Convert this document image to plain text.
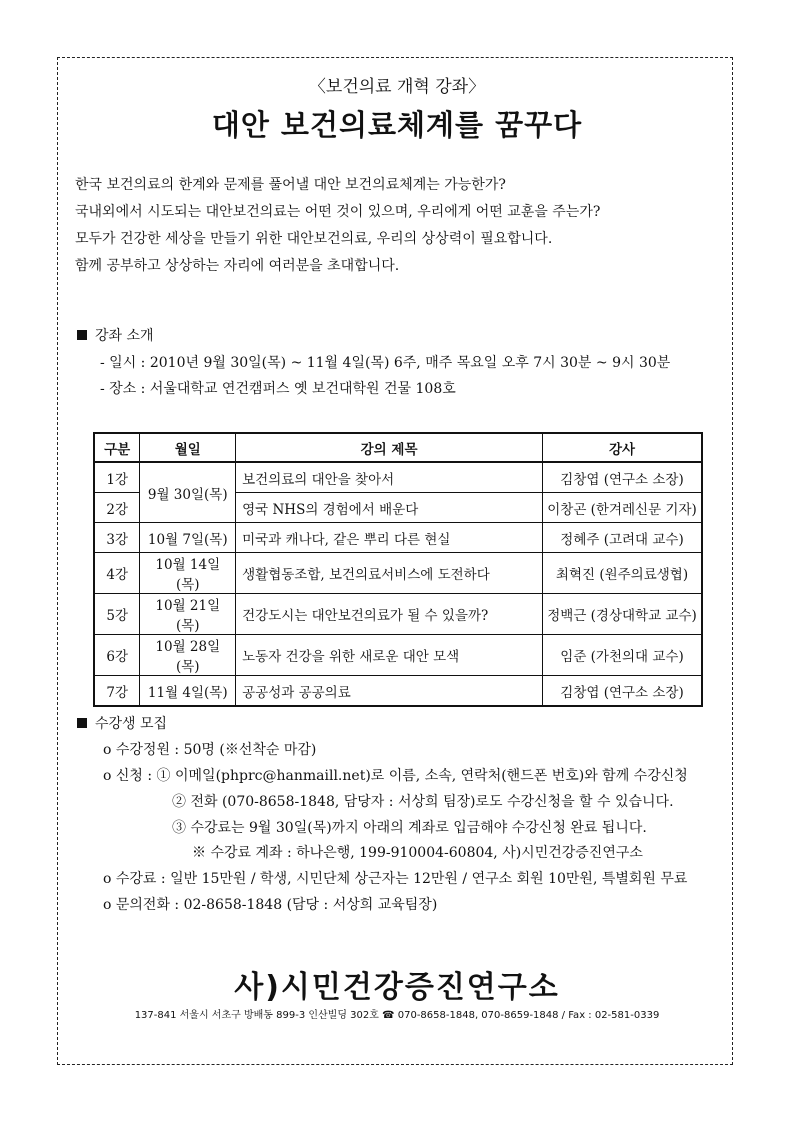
〈보건의료 개혁 강좌〉
대안 보건의료체계를 꿈꾸다

한국 보건의료의 한계와 문제를 풀어낼 대안 보건의료체계는 가능한가?

국내외에서 시도되는 대안보건의료는 어떤 것이 있으며, 우리에게 어떤 교훈을 주는가?

모두가 건강한 세상을 만들기 위한 대안보건의료, 우리의 상상력이 필요합니다.

함께 공부하고 상상하는 자리에 여러분을 초대합니다.

강좌 소개
- 일시 : 2010년 9월 30일(목) ~ 11월 4일(목) 6주, 매주 목요일 오후 7시 30분 ~ 9시 30분
- 장소 : 서울대학교 연건캠퍼스 옛 보건대학원 건물 108호
구분	월일	강의 제목	강사
1강	9월 30일(목)	보건의료의 대안을 찾아서	김창엽 (연구소 소장)
2강		영국 NHS의 경험에서 배운다	이창곤 (한겨레신문 기자)
3강	10월 7일(목)	미국과 캐나다, 같은 뿌리 다른 현실	정혜주 (고려대 교수)
4강	10월 14일(목)	생활협동조합, 보건의료서비스에 도전하다	최혁진 (원주의료생협)
5강	10월 21일(목)	건강도시는 대안보건의료가 될 수 있을까?	정백근 (경상대학교 교수)
6강	10월 28일(목)	노동자 건강을 위한 새로운 대안 모색	임준 (가천의대 교수)
7강	11월 4일(목)	공공성과 공공의료	김창엽 (연구소 소장)
수강생 모집
o 수강정원 : 50명 (※선착순 마감)
o 신청 : ① 이메일(phprc@hanmaill.net)로 이름, 소속, 연락처(핸드폰 번호)와 함께 수강신청
② 전화 (070-8658-1848, 담당자 : 서상희 팀장)로도 수강신청을 할 수 있습니다.
③ 수강료는 9월 30일(목)까지 아래의 계좌로 입금해야 수강신청 완료 됩니다.
※ 수강료 계좌 : 하나은행, 199-910004-60804, 사)시민건강증진연구소
o 수강료 : 일반 15만원 / 학생, 시민단체 상근자는 12만원 / 연구소 회원 10만원, 특별회원 무료
o 문의전화 : 02-8658-1848 (담당 : 서상희 교육팀장)
사)시민건강증진연구소
137-841 서울시 서초구 방배동 899-3 인산빌딩 302호 ☎ 070-8658-1848, 070-8659-1848 / Fax : 02-581-0339
